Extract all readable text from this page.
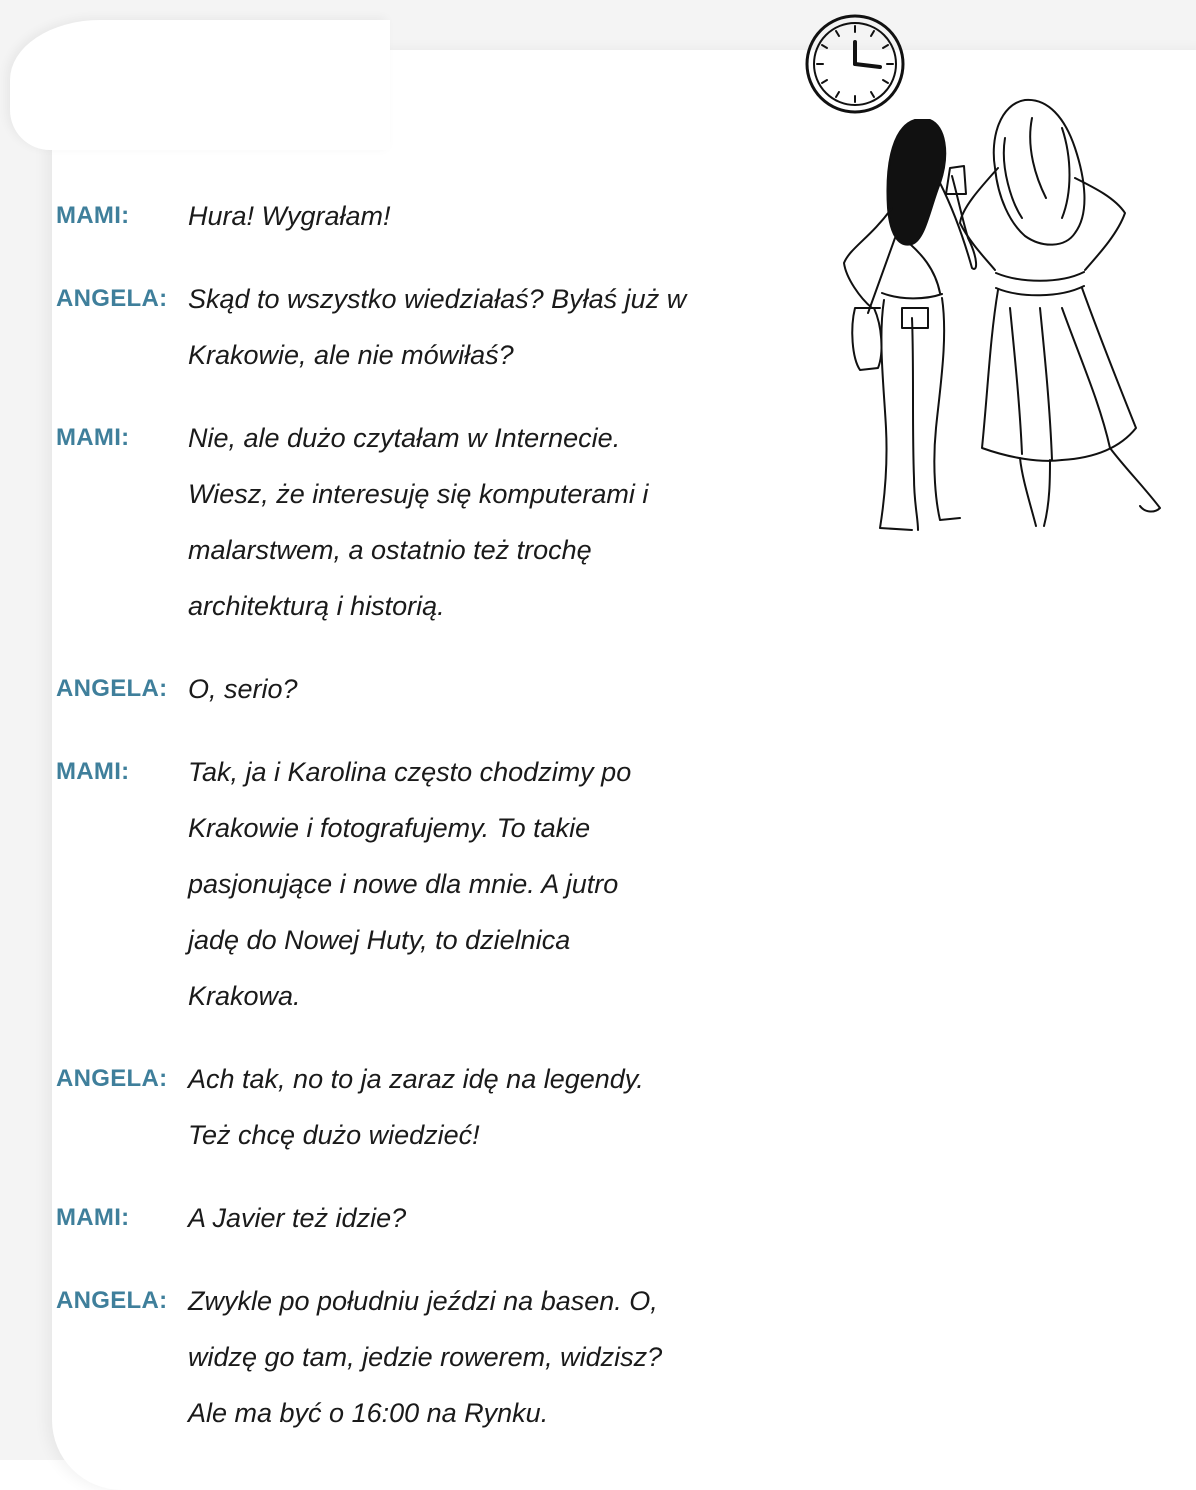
MAMI:	Hura! Wygrałam!
ANGELA: Skąd to wszystko wiedziałaś? Byłaś już w
Krakowie, ale nie mówiłaś?
MAMI:	Nie, ale dużo czytałam w Internecie.
Wiesz, że interesuję się komputerami i
malarstwem, a ostatnio też trochę
architekturą i historią.
ANGELA: O, serio?
MAMI:	Tak, ja i Karolina często chodzimy po
Krakowie i fotografujemy. To takie
pasjonujące i nowe dla mnie. A jutro
jadę do Nowej Huty, to dzielnica
Krakowa.
ANGELA: Ach tak, no to ja zaraz idę na legendy.
Też chcę dużo wiedzieć!
MAMI:	A Javier też idzie?
ANGELA: Zwykle po południu jeździ na basen. O,
widzę go tam, jedzie rowerem, widzisz?
Ale ma być o 16:00 na Rynku.
